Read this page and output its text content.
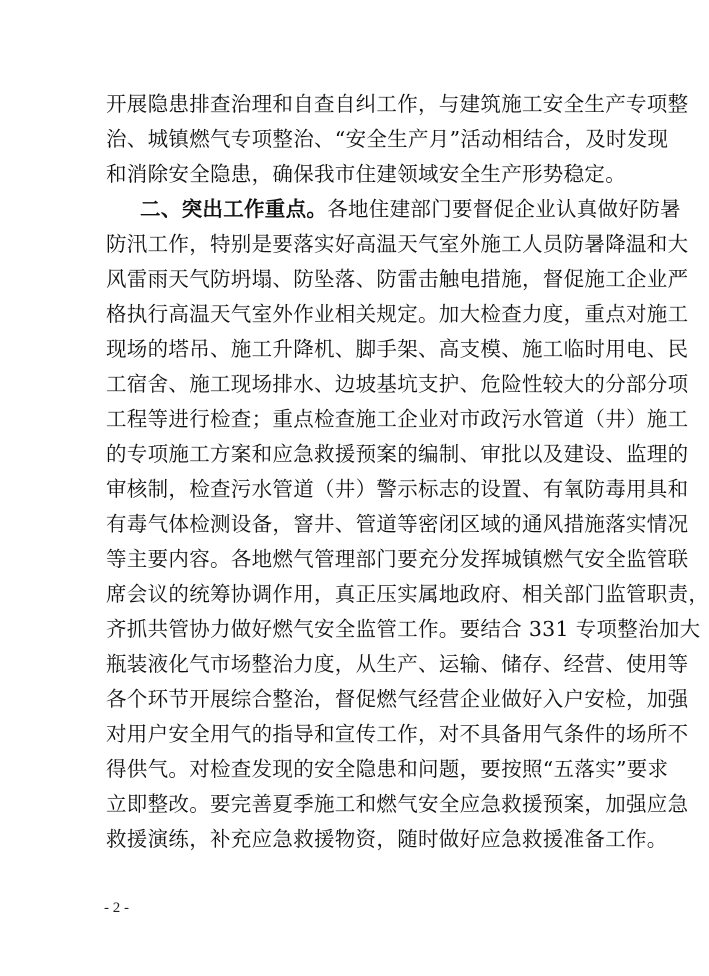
开展隐患排查治理和自查自纠工作，与建筑施工安全生产专项整
治、城镇燃气专项整治、“安全生产月”活动相结合，及时发现
和消除安全隐患，确保我市住建领域安全生产形势稳定。
二、突出工作重点。各地住建部门要督促企业认真做好防暑
防汛工作，特别是要落实好高温天气室外施工人员防暑降温和大
风雷雨天气防坍塌、防坠落、防雷击触电措施，督促施工企业严
格执行高温天气室外作业相关规定。加大检查力度，重点对施工
现场的塔吊、施工升降机、脚手架、高支模、施工临时用电、民
工宿舍、施工现场排水、边坡基坑支护、危险性较大的分部分项
工程等进行检查；重点检查施工企业对市政污水管道（井）施工
的专项施工方案和应急救援预案的编制、审批以及建设、监理的
审核制，检查污水管道（井）警示标志的设置、有氧防毒用具和
有毒气体检测设备，窨井、管道等密闭区域的通风措施落实情况
等主要内容。各地燃气管理部门要充分发挥城镇燃气安全监管联
席会议的统筹协调作用，真正压实属地政府、相关部门监管职责，
齐抓共管协力做好燃气安全监管工作。要结合 331 专项整治加大
瓶装液化气市场整治力度，从生产、运输、储存、经营、使用等
各个环节开展综合整治，督促燃气经营企业做好入户安检，加强
对用户安全用气的指导和宣传工作，对不具备用气条件的场所不
得供气。对检查发现的安全隐患和问题，要按照“五落实”要求
立即整改。要完善夏季施工和燃气安全应急救援预案，加强应急
救援演练，补充应急救援物资，随时做好应急救援准备工作。
- 2 -
